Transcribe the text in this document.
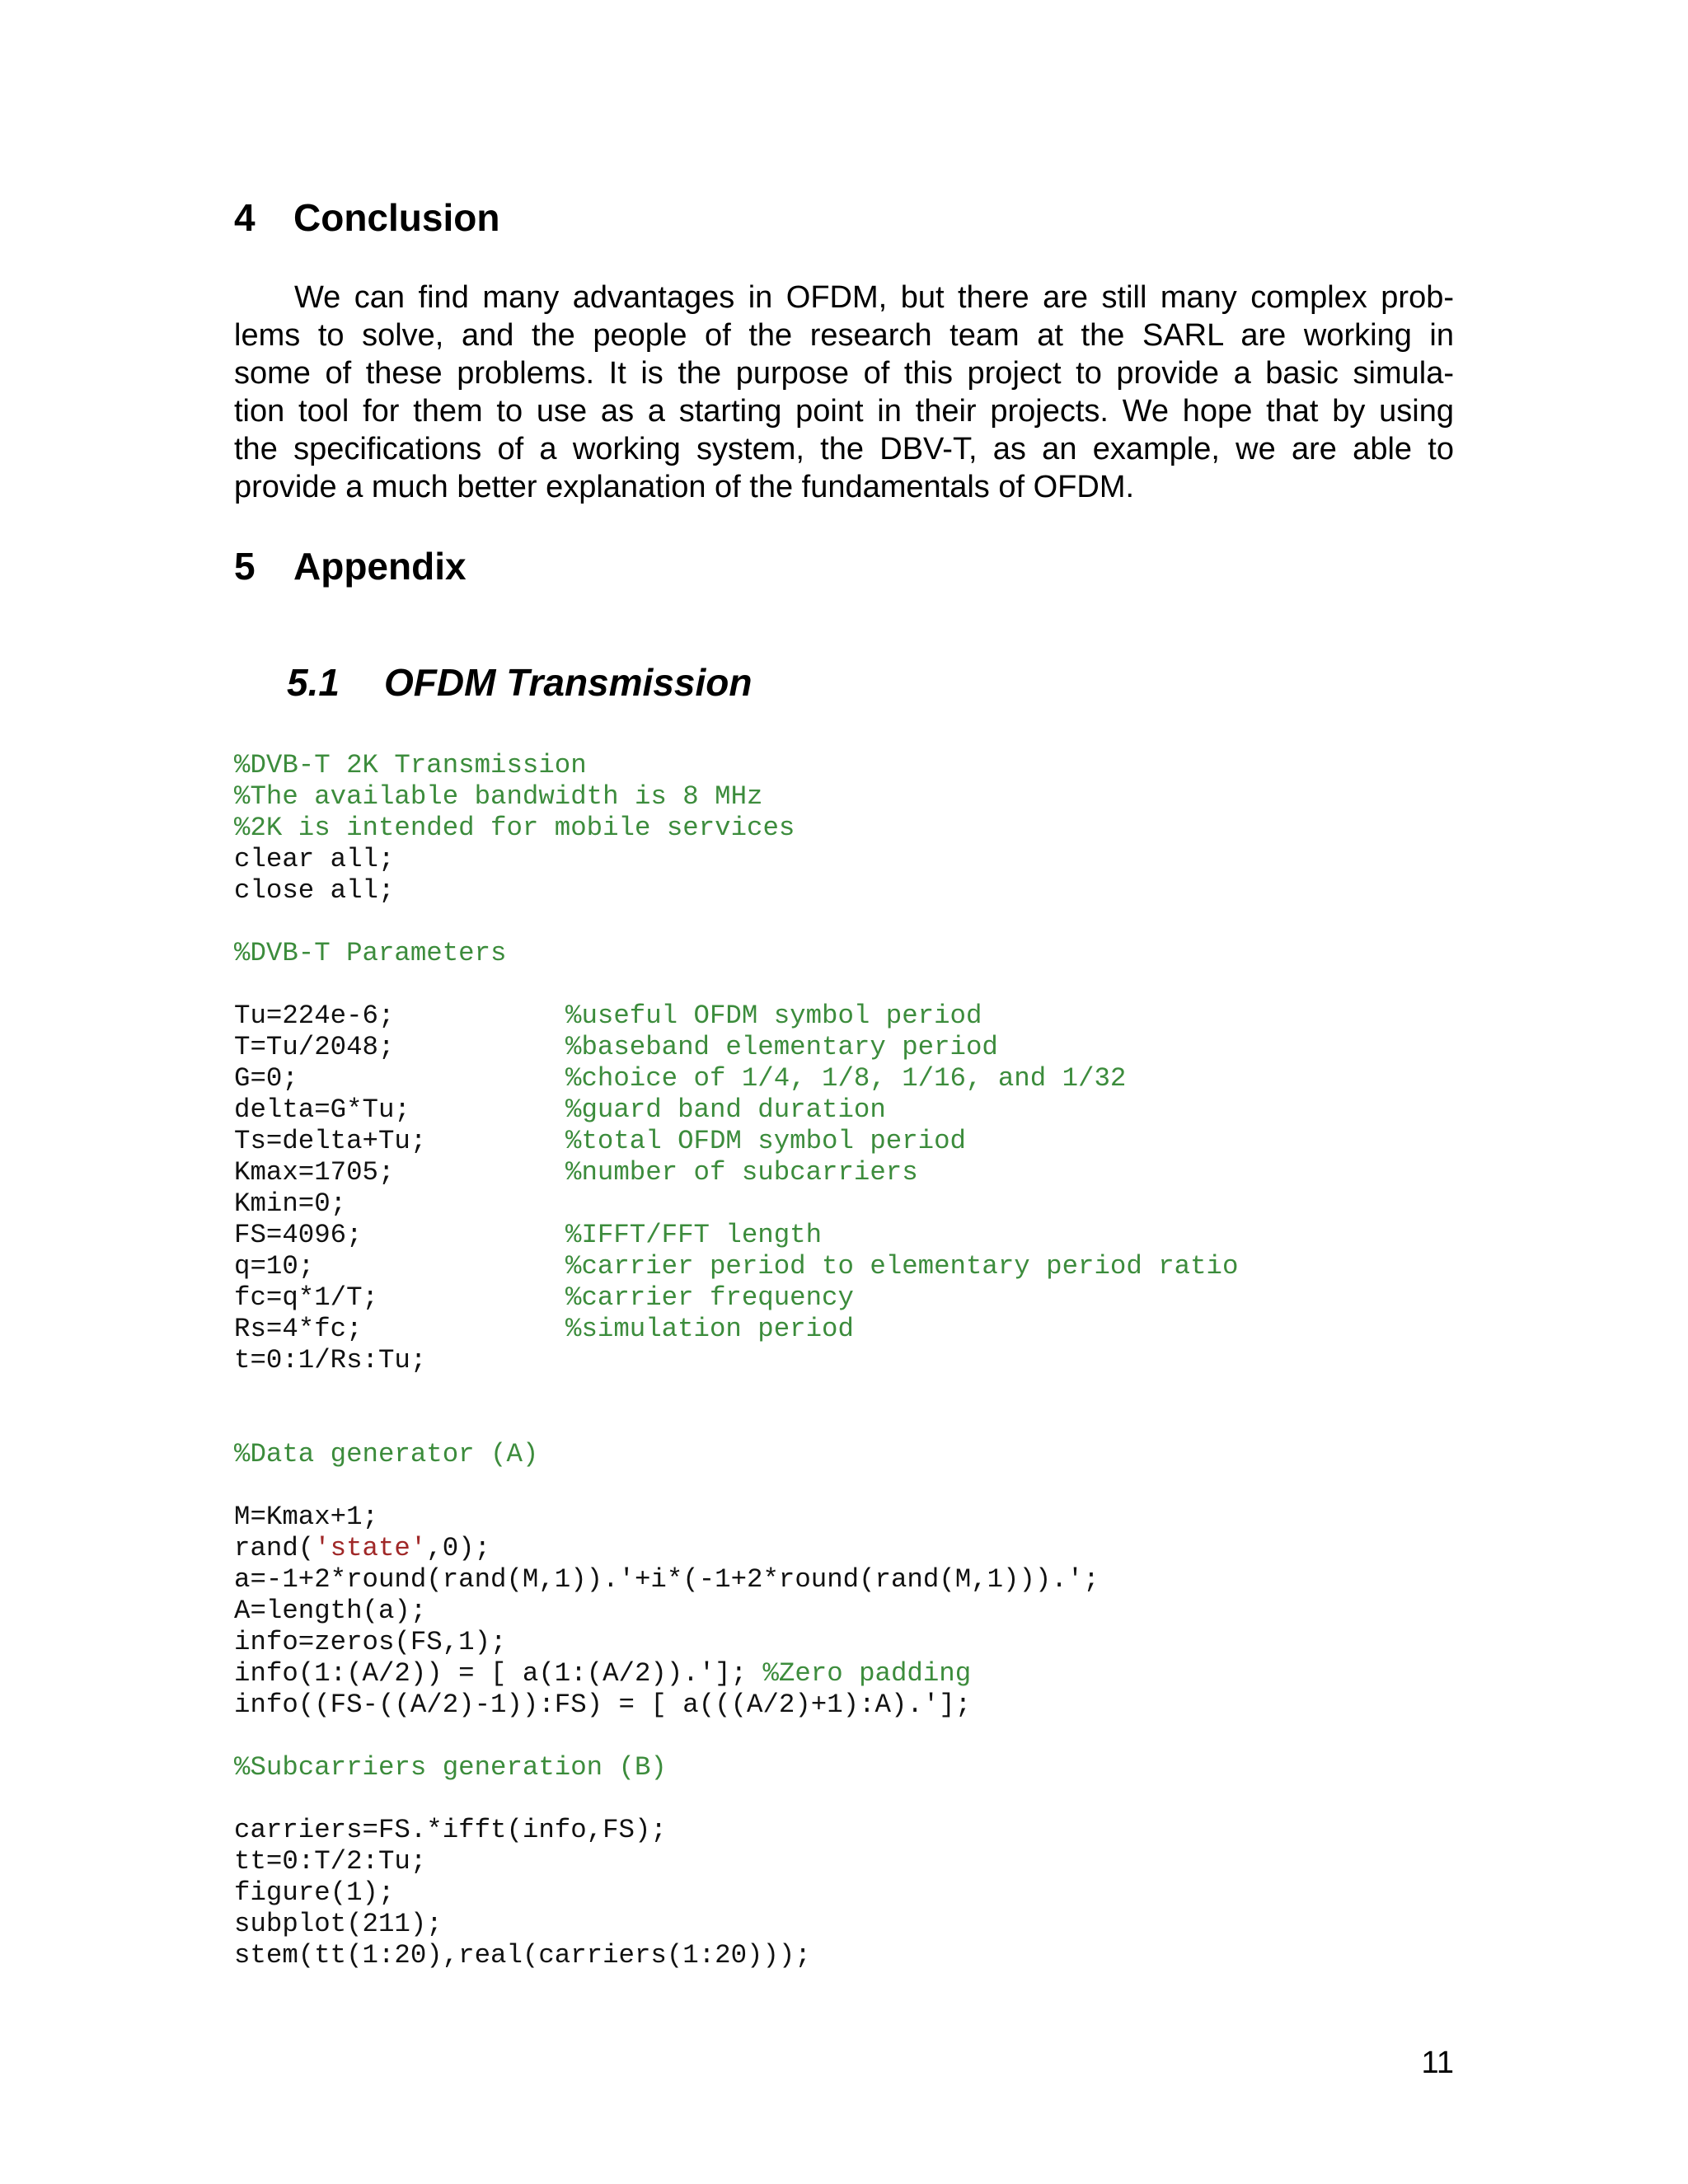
4 Conclusion
We can find many advantages in OFDM, but there are still many complex prob-
lems to solve, and the people of the research team at the SARL are working in
some of these problems. It is the purpose of this project to provide a basic simula-
tion tool for them to use as a starting point in their projects. We hope that by using
the specifications of a working system, the DBV-T, as an example, we are able to
provide a much better explanation of the fundamentals of OFDM.
5 Appendix
5.1 OFDM Transmission
%DVB-T 2K Transmission
%The available bandwidth is 8 MHz
%2K is intended for mobile services
clear all;
close all;
%DVB-T Parameters
Tu=224e-6;	%useful OFDM symbol period
T=Tu/2048;	%baseband elementary period
G=0;	%choice of 1/4, 1/8, 1/16, and 1/32
delta=G*Tu;	%guard band duration
Ts=delta+Tu;	%total OFDM symbol period
Kmax=1705;	%number of subcarriers
Kmin=0;
FS=4096;	%IFFT/FFT length
q=10;	%carrier period to elementary period ratio
fc=q*1/T;	%carrier frequency
Rs=4*fc;	%simulation period
t=0:1/Rs:Tu;
%Data generator (A)
M=Kmax+1;
rand('state',0);
a=-1+2*round(rand(M,1)).'+i*(-1+2*round(rand(M,1))).';
A=length(a);
info=zeros(FS,1);
info(1:(A/2)) = [ a(1:(A/2)).']; %Zero padding
info((FS-((A/2)-1)):FS) = [ a(((A/2)+1):A).'];
%Subcarriers generation (B)
carriers=FS.*ifft(info,FS);
tt=0:T/2:Tu;
figure(1);
subplot(211);
stem(tt(1:20),real(carriers(1:20)));
11
